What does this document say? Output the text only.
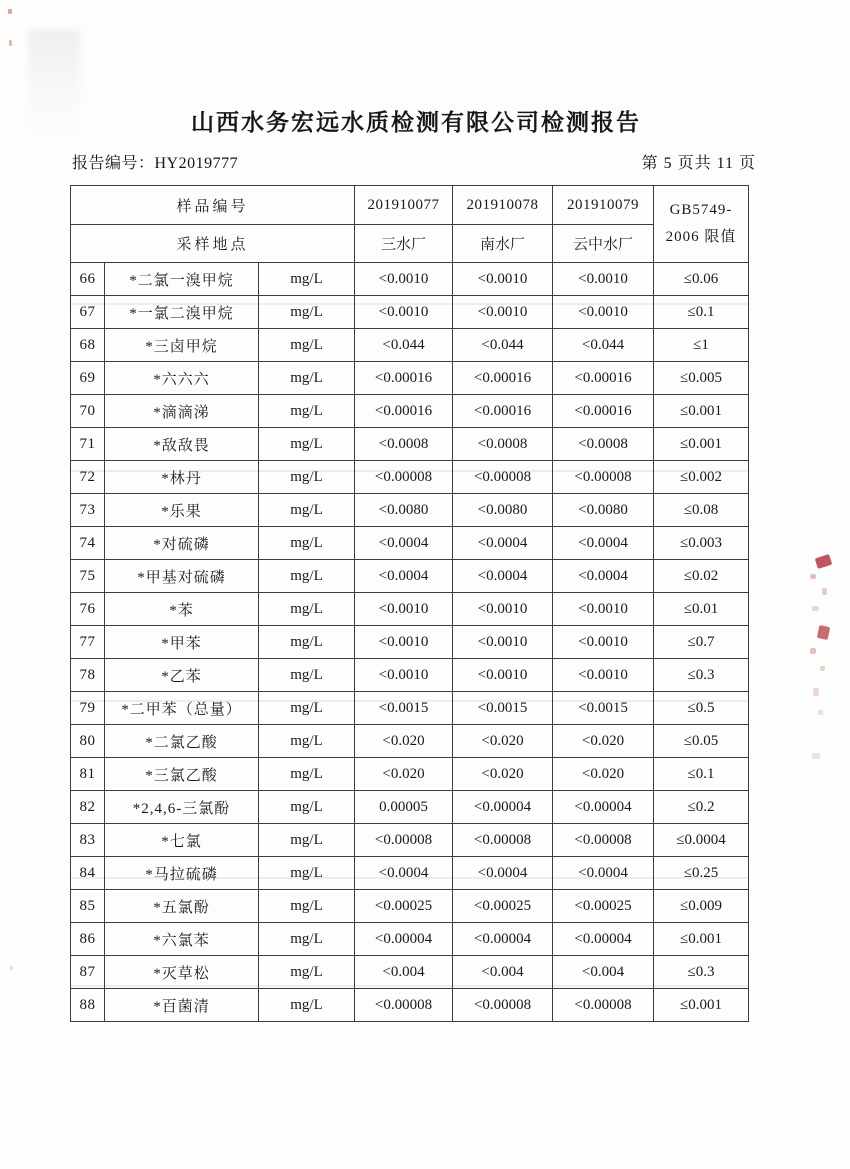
山西水务宏远水质检测有限公司检测报告
报告编号：HY2019777	第 5 页共 11 页
样品编号			201910077	201910078	201910079	GB5749-
2006 限值

采样地点			三水厂	南水厂	云中水厂	
66	*二氯一溴甲烷	mg/L	<0.0010	<0.0010	<0.0010	≤0.06
67	*一氯二溴甲烷	mg/L	<0.0010	<0.0010	<0.0010	≤0.1
68	*三卤甲烷	mg/L	<0.044	<0.044	<0.044	≤1
69	*六六六	mg/L	<0.00016	<0.00016	<0.00016	≤0.005
70	*滴滴涕	mg/L	<0.00016	<0.00016	<0.00016	≤0.001
71	*敌敌畏	mg/L	<0.0008	<0.0008	<0.0008	≤0.001
72	*林丹	mg/L	<0.00008	<0.00008	<0.00008	≤0.002
73	*乐果	mg/L	<0.0080	<0.0080	<0.0080	≤0.08
74	*对硫磷	mg/L	<0.0004	<0.0004	<0.0004	≤0.003
75	*甲基对硫磷	mg/L	<0.0004	<0.0004	<0.0004	≤0.02
76	*苯	mg/L	<0.0010	<0.0010	<0.0010	≤0.01
77	*甲苯	mg/L	<0.0010	<0.0010	<0.0010	≤0.7
78	*乙苯	mg/L	<0.0010	<0.0010	<0.0010	≤0.3
79	*二甲苯（总量）	mg/L	<0.0015	<0.0015	<0.0015	≤0.5
80	*二氯乙酸	mg/L	<0.020	<0.020	<0.020	≤0.05
81	*三氯乙酸	mg/L	<0.020	<0.020	<0.020	≤0.1
82	*2,4,6-三氯酚	mg/L	0.00005	<0.00004	<0.00004	≤0.2
83	*七氯	mg/L	<0.00008	<0.00008	<0.00008	≤0.0004
84	*马拉硫磷	mg/L	<0.0004	<0.0004	<0.0004	≤0.25
85	*五氯酚	mg/L	<0.00025	<0.00025	<0.00025	≤0.009
86	*六氯苯	mg/L	<0.00004	<0.00004	<0.00004	≤0.001
87	*灭草松	mg/L	<0.004	<0.004	<0.004	≤0.3
88	*百菌清	mg/L	<0.00008	<0.00008	<0.00008	≤0.001
